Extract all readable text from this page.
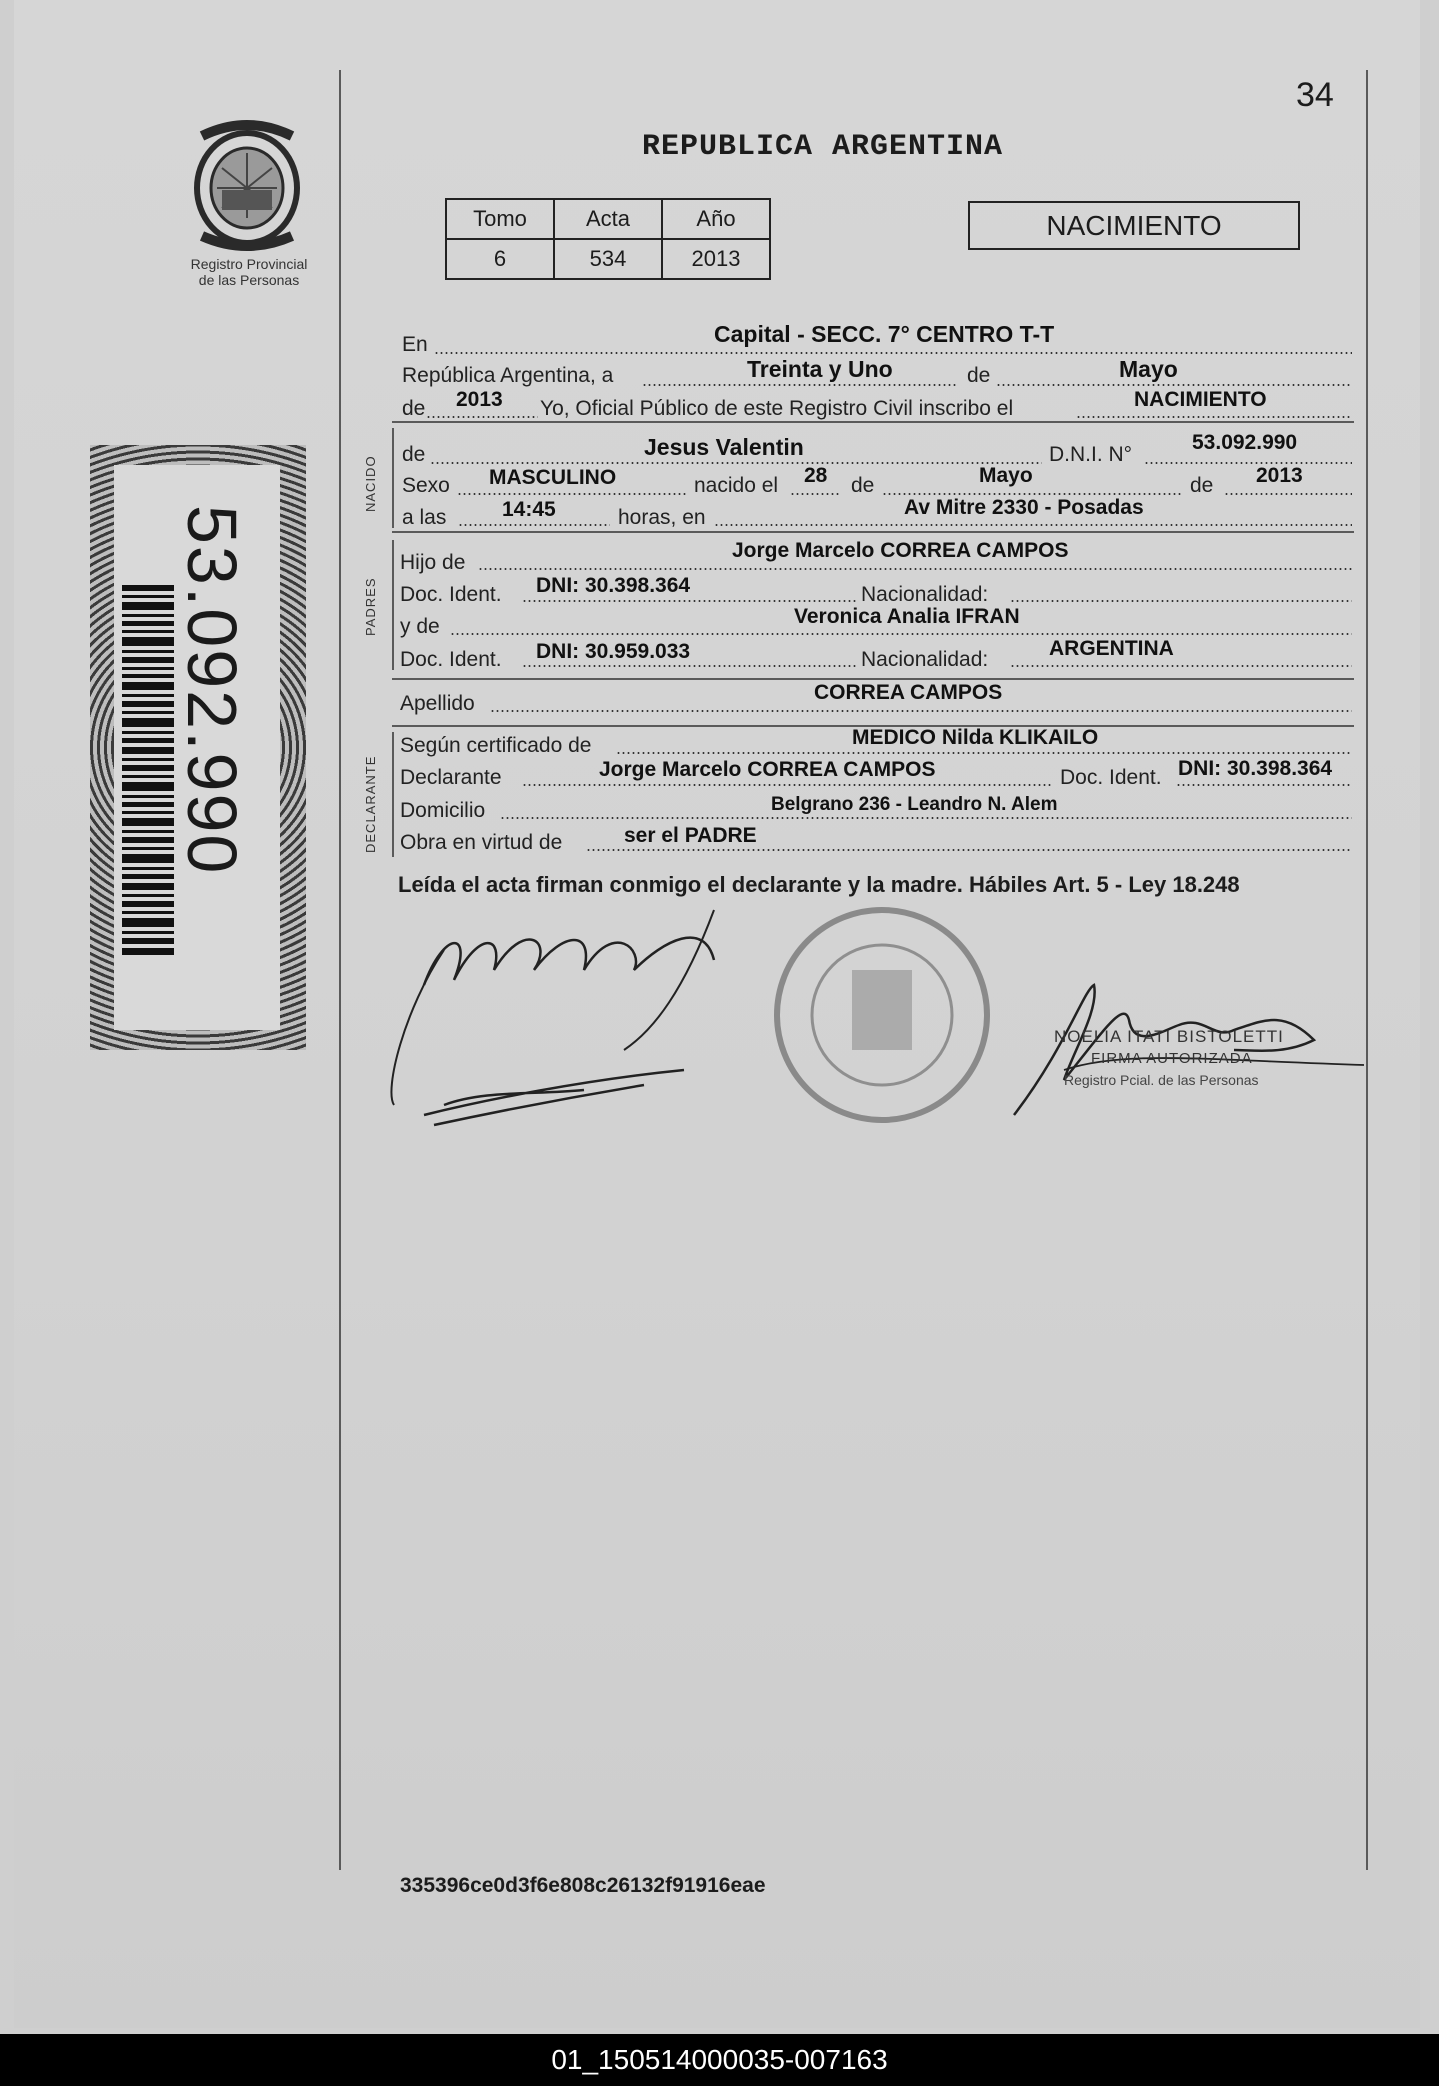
Registro Provincial
de las Personas
53.092.990
34
REPUBLICA ARGENTINA
Tomo	Acta	Año
6	534	2013
NACIMIENTO
NACIDO
PADRES
DECLARANTE
En	Capital - SECC. 7° CENTRO T-T
República Argentina, a	Treinta y Uno	de	Mayo
de 2013 Yo, Oficial Público de este Registro Civil inscribo el	NACIMIENTO
de	Jesus Valentin	D.N.I. N°
53.092.990
Sexo MASCULINO	nacido el 28 de	Mayo	de 2013
a las	14:45	horas, en	Av Mitre 2330 - Posadas
Hijo de
Jorge Marcelo CORREA CAMPOS
Doc. Ident. DNI: 30.398.364	Nacionalidad:
y de	Veronica Analia IFRAN
Doc. Ident. DNI: 30.959.033	Nacionalidad:	ARGENTINA
Apellido	CORREA CAMPOS
Según certificado de	MEDICO Nilda KLIKAILO
Declarante	Jorge Marcelo CORREA CAMPOS	Doc. Ident. DNI: 30.398.364
Domicilio	Belgrano 236 - Leandro N. Alem
Obra en virtud de	ser el PADRE
Leída el acta firman conmigo el declarante y la madre. Hábiles Art. 5 - Ley 18.248
NOELIA ITATI BISTOLETTI
FIRMA AUTORIZADA
Registro Pcial. de las Personas
335396ce0d3f6e808c26132f91916eae
01_150514000035-007163
